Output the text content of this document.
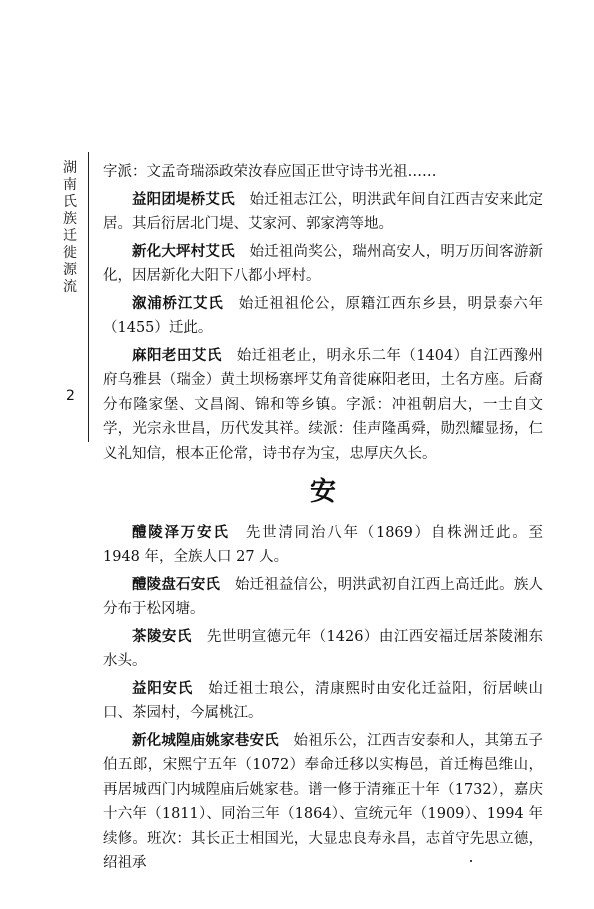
湖南氏族迁徙源流
2

字派：文孟奇瑞添政荣汝春应国正世守诗书光祖……

益阳团堤桥艾氏　 始迁祖志江公，明洪武年间自江西吉安来此定居。其后衍居北门堤、艾家河、郭家湾等地。

新化大坪村艾氏　 始迁祖尚奖公，瑞州高安人，明万历间客游新化，因居新化大阳下八都小坪村。

溆浦桥江艾氏　 始迁祖祖伦公，原籍江西东乡县，明景泰六年（1455）迁此。

麻阳老田艾氏　 始迁祖老止，明永乐二年（1404）自江西豫州府乌雅县（瑞金）黄土坝杨寨坪艾角音徙麻阳老田，土名方座。后裔分布隆家堡、文昌阁、锦和等乡镇。字派：冲祖朝启大，一士自文学，光宗永世昌，历代发其祥。续派：佳声隆禹舜，勋烈耀显扬，仁义礼知信，根本正伦常，诗书存为宝，忠厚庆久长。

安

醴陵泽万安氏　 先世清同治八年（1869）自株洲迁此。至 1948 年，全族人口 27 人。

醴陵盘石安氏　 始迁祖益信公，明洪武初自江西上高迁此。族人分布于松冈塘。

茶陵安氏　 先世明宣德元年（1426）由江西安福迁居茶陵湘东水头。

益阳安氏　 始迁祖士琅公，清康熙时由安化迁益阳，衍居峡山口、茶园村，今属桃江。

新化城隍庙姚家巷安氏　 始祖乐公，江西吉安泰和人，其第五子伯五郎，宋熙宁五年（1072）奉命迁移以实梅邑，首迁梅邑维山，再居城西门内城隍庙后姚家巷。谱一修于清雍正十年（1732），嘉庆十六年（1811）、同治三年（1864）、宣统元年（1909）、1994 年续修。班次：其长正士相国光，大显忠良寿永昌，志首守先思立德，绍祖承
